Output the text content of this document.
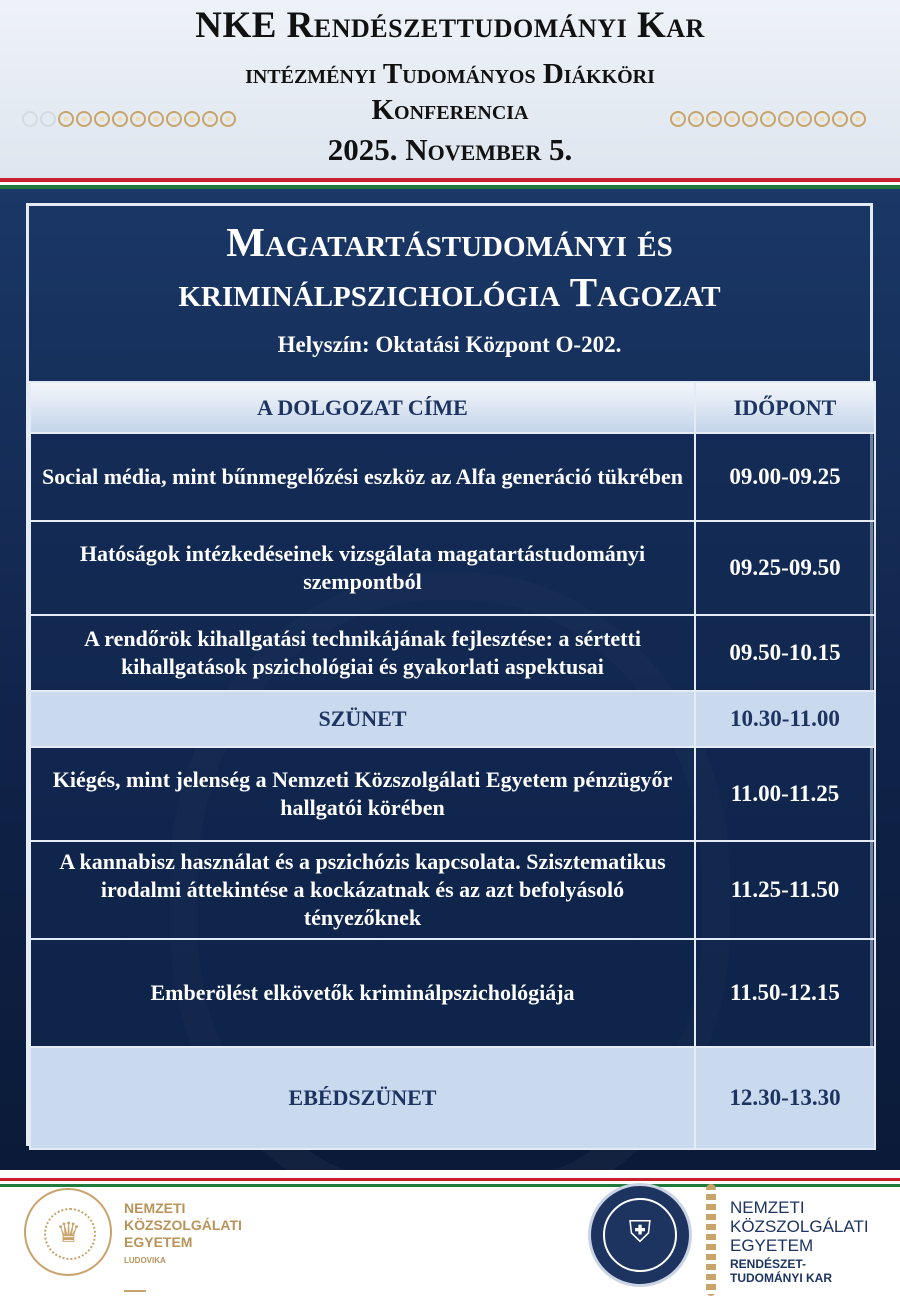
NKE Rendészettudományi Kar
intézményi Tudományos Diákköri
Konferencia
2025. November 5.
Magatartástudományi és
kriminálpszichológia Tagozat
Helyszín: Oktatási Központ O-202.
A DOLGOZAT CÍME	IDŐPONT
Social média, mint bűnmegelőzési eszköz az Alfa generáció tükrében	09.00-09.25
Hatóságok intézkedéseinek vizsgálata magatartástudományi szempontból	09.25-09.50
A rendőrök kihallgatási technikájának fejlesztése: a sértetti kihallgatások pszichológiai és gyakorlati aspektusai	09.50-10.15
SZÜNET	10.30-11.00
Kiégés, mint jelenség a Nemzeti Közszolgálati Egyetem pénzügyőr hallgatói körében	11.00-11.25
A kannabisz használat és a pszichózis kapcsolata. Szisztematikus irodalmi áttekintése a kockázatnak és az azt befolyásoló tényezőknek	11.25-11.50
Emberölést elkövetők kriminálpszichológiája	11.50-12.15
EBÉDSZÜNET	12.30-13.30
♛
NEMZETI
KÖZSZOLGÁLATI
EGYETEM
LUDOVIKA
⛨
NEMZETI
KÖZSZOLGÁLATI
EGYETEM
RENDÉSZET-
TUDOMÁNYI KAR
